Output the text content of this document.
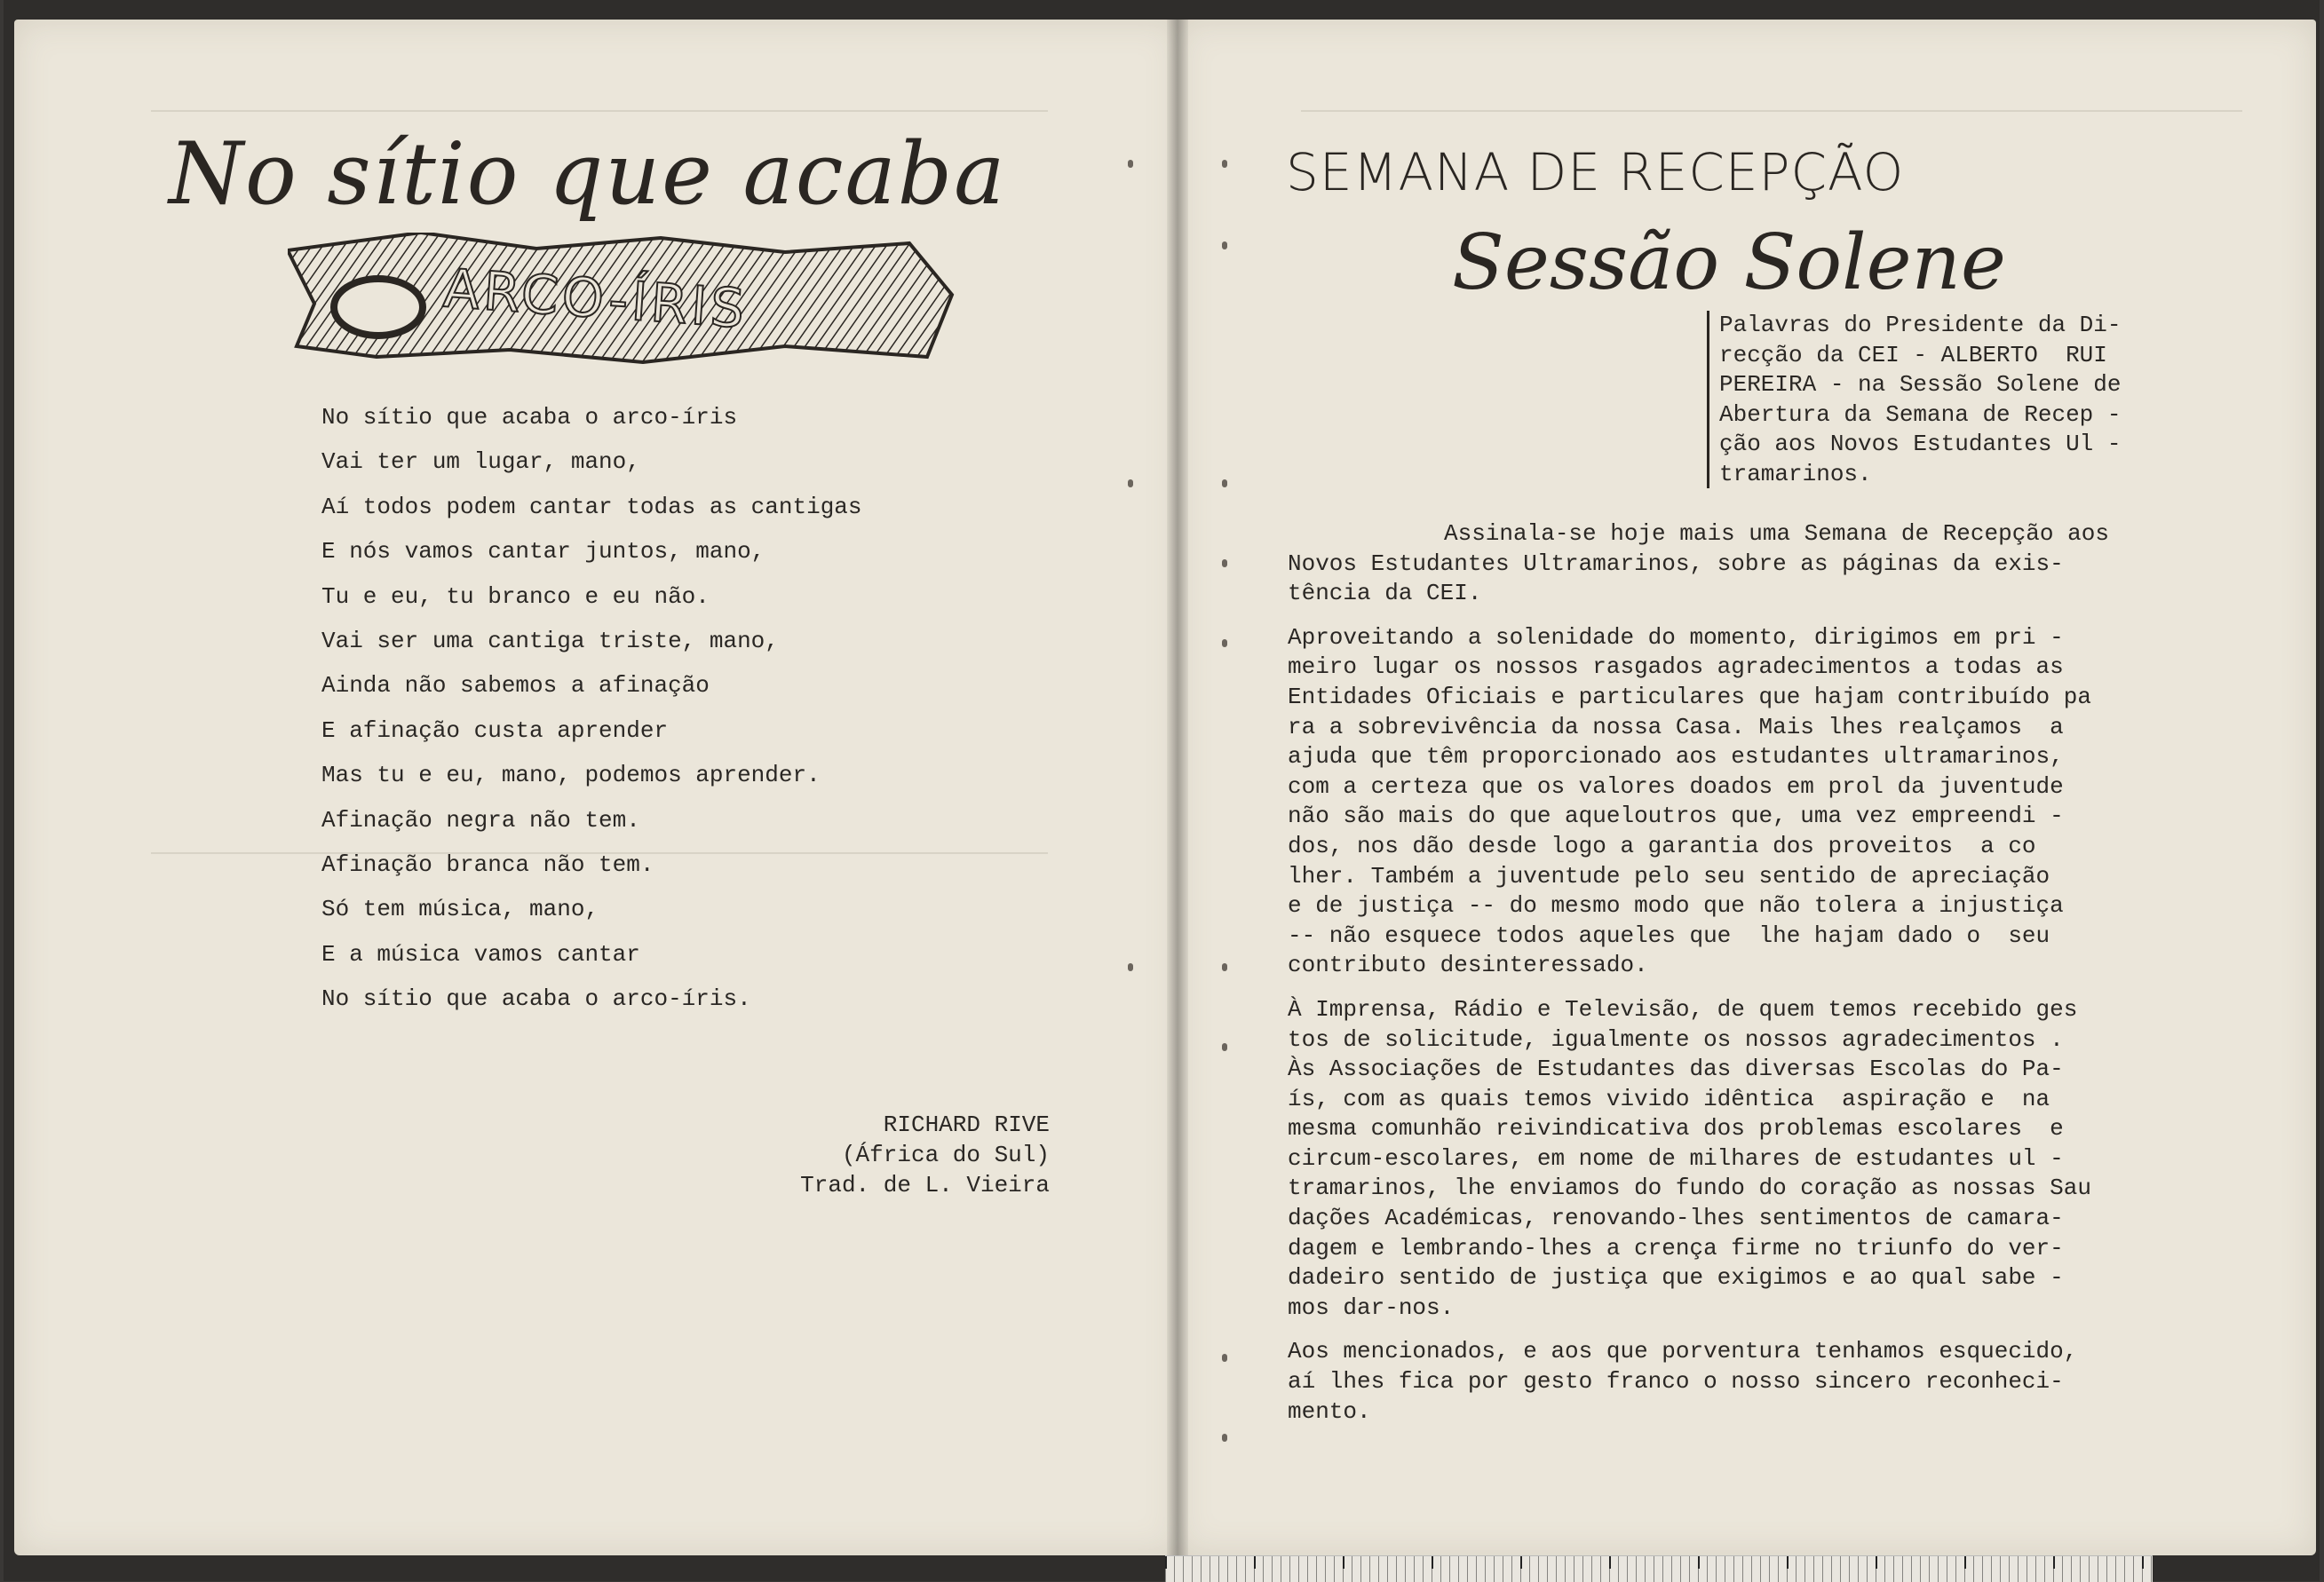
No sítio que acaba
ARCO-ÍRIS
No sítio que acaba o arco-íris
Vai ter um lugar, mano,
Aí todos podem cantar todas as cantigas
E nós vamos cantar juntos, mano,
Tu e eu, tu branco e eu não.
Vai ser uma cantiga triste, mano,
Ainda não sabemos a afinação
E afinação custa aprender
Mas tu e eu, mano, podemos aprender.
Afinação negra não tem.
Afinação branca não tem.
Só tem música, mano,
E a música vamos cantar
No sítio que acaba o arco-íris.
RICHARD RIVE
(África do Sul)
Trad. de L. Vieira
SEMANA DE RECEPÇÃO
Sessão Solene
Palavras do Presidente da Di-
recção da CEI - ALBERTO  RUI
PEREIRA - na Sessão Solene de
Abertura da Semana de Recep -
ção aos Novos Estudantes Ul -
tramarinos.
Assinala-se hoje mais uma Semana de Recepção aos
Novos Estudantes Ultramarinos, sobre as páginas da exis-
tência da CEI.
Aproveitando a solenidade do momento, dirigimos em pri -
meiro lugar os nossos rasgados agradecimentos a todas as
Entidades Oficiais e particulares que hajam contribuído pa
ra a sobrevivência da nossa Casa. Mais lhes realçamos  a
ajuda que têm proporcionado aos estudantes ultramarinos,
com a certeza que os valores doados em prol da juventude
não são mais do que aqueloutros que, uma vez empreendi -
dos, nos dão desde logo a garantia dos proveitos  a co
lher. Também a juventude pelo seu sentido de apreciação
e de justiça -- do mesmo modo que não tolera a injustiça
-- não esquece todos aqueles que  lhe hajam dado o  seu
contributo desinteressado.
À Imprensa, Rádio e Televisão, de quem temos recebido ges
tos de solicitude, igualmente os nossos agradecimentos .
Às Associações de Estudantes das diversas Escolas do Pa-
ís, com as quais temos vivido idêntica  aspiração e  na
mesma comunhão reivindicativa dos problemas escolares  e
circum-escolares, em nome de milhares de estudantes ul -
tramarinos, lhe enviamos do fundo do coração as nossas Sau
dações Académicas, renovando-lhes sentimentos de camara-
dagem e lembrando-lhes a crença firme no triunfo do ver-
dadeiro sentido de justiça que exigimos e ao qual sabe -
mos dar-nos.
Aos mencionados, e aos que porventura tenhamos esquecido,
aí lhes fica por gesto franco o nosso sincero reconheci-
mento.
